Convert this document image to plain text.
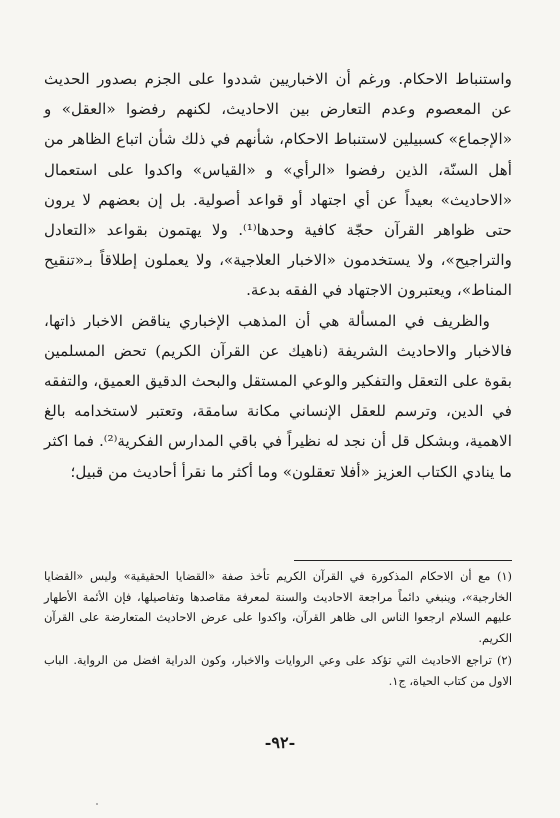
واستنباط الاحكام. ورغم أن الاخباريين شددوا على الجزم بصدور الحديث عن المعصوم وعدم التعارض بين الاحاديث، لكنهم رفضوا «العقل» و «الإجماع» كسبيلين لاستنباط الاحكام، شأنهم في ذلك شأن اتباع الظاهر من أهل السنّة، الذين رفضوا «الرأي» و «القياس» واكدوا على استعمال «الاحاديث» بعيداً عن أي اجتهاد أو قواعد أصولية. بل إن بعضهم لا يرون حتى ظواهر القرآن حجّة كافية وحدها⁽¹⁾. ولا يهتمون بقواعد «التعادل والتراجيح»، ولا يستخدمون «الاخبار العلاجية»، ولا يعملون إطلاقاً بـ«تنقيح المناط»، ويعتبرون الاجتهاد في الفقه بدعة.

والظريف في المسألة هي أن المذهب الإخباري يناقض الاخبار ذاتها، فالاخبار والاحاديث الشريفة (ناهيك عن القرآن الكريم) تحض المسلمين بقوة على التعقل والتفكير والوعي المستقل والبحث الدقيق العميق، والتفقه في الدين، وترسم للعقل الإنساني مكانة سامقة، وتعتبر لاستخدامه بالغ الاهمية، وبشكل قل أن نجد له نظيراً في باقي المدارس الفكرية⁽²⁾. فما اكثر ما ينادي الكتاب العزيز «أفلا تعقلون» وما أكثر ما نقرأ أحاديث من قبيل؛

(١) مع أن الاحكام المذكورة في القرآن الكريم تأخذ صفة «القضايا الحقيقية» وليس «القضايا الخارجية»، وينبغي دائماً مراجعة الاحاديث والسنة لمعرفة مقاصدها وتفاصيلها، فإن الأئمة الأطهار عليهم السلام ارجعوا الناس الى ظاهر القرآن، واكدوا على عرض الاحاديث المتعارضة على القرآن الكريم.

(٢) تراجع الاحاديث التي تؤكد على وعي الروايات والاخبار، وكون الدراية افضل من الرواية. الباب الاول من كتاب الحياة، ج١.

-٩٢-
